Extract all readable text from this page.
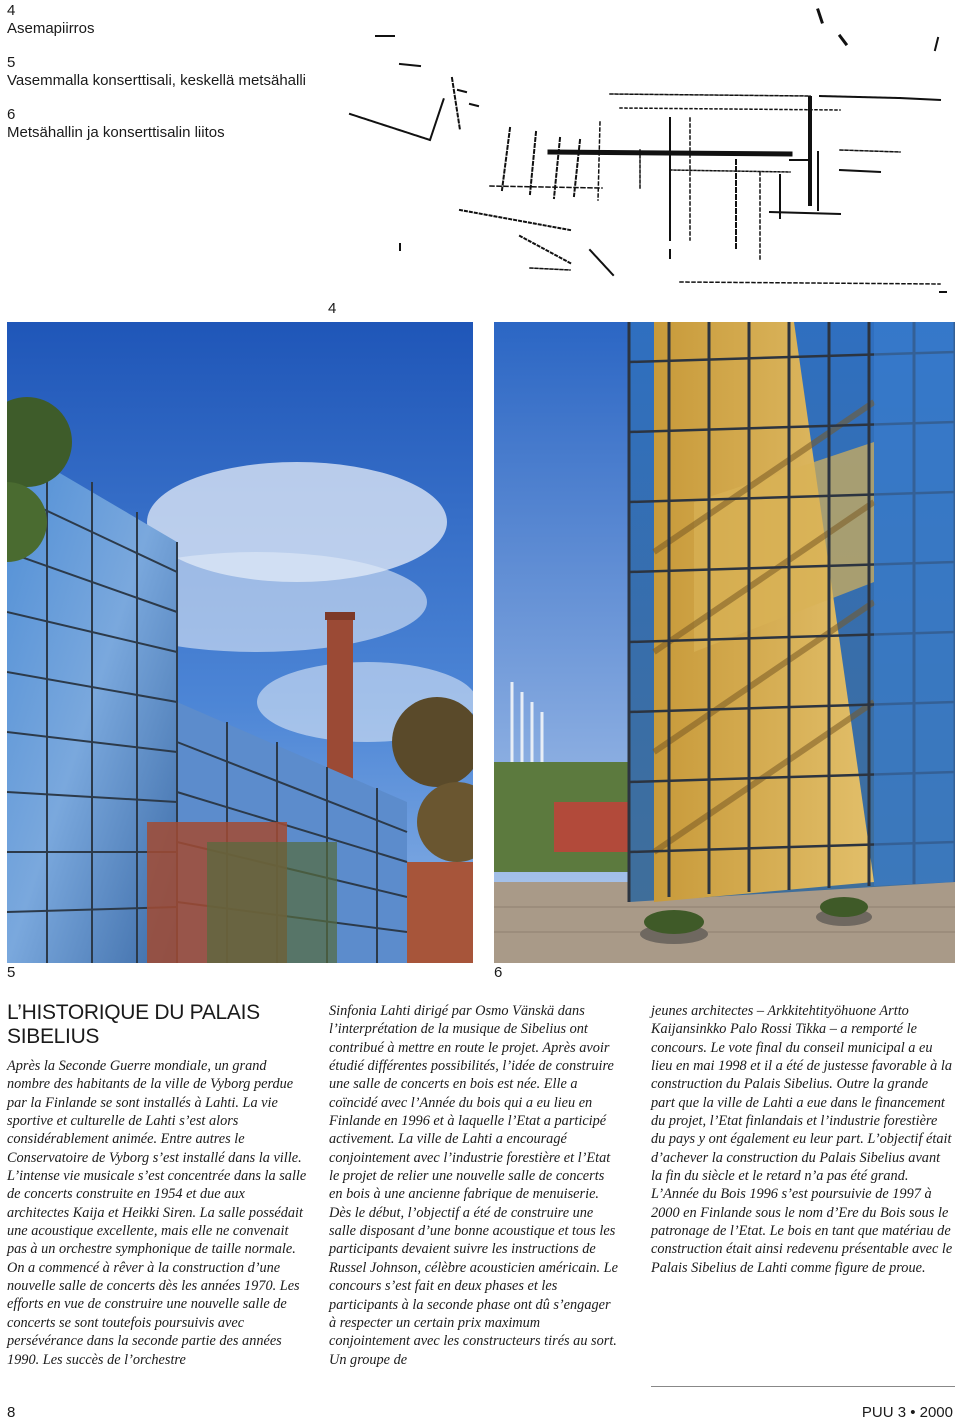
4
Asemapiirros
5
Vasemmalla konserttisali, keskellä metsähalli
6
Metsähallin ja konserttisalin liitos
4
5	6
L’HISTORIQUE DU PALAIS SIBELIUS

Après la Seconde Guerre mondiale, un grand nombre des habitants de la ville de Vyborg perdue par la Finlande se sont installés à Lahti. La vie sportive et culturelle de Lahti s’est alors considérablement animée. Entre autres le Conservatoire de Vyborg s’est installé dans la ville. L’intense vie musicale s’est concentrée dans la salle de concerts construite en 1954 et due aux architectes Kaija et Heikki Siren. La salle possédait une acoustique excellente, mais elle ne convenait pas à un orchestre symphonique de taille normale. On a commencé à rêver à la construction d’une nouvelle salle de concerts dès les années 1970. Les efforts en vue de construire une nouvelle salle de concerts se sont toutefois poursuivis avec persévérance dans la seconde partie des années 1990. Les succès de l’orchestre

Sinfonia Lahti dirigé par Osmo Vänskä dans l’interprétation de la musique de Sibelius ont contribué à mettre en route le projet. Après avoir étudié différentes possibilités, l’idée de construire une salle de concerts en bois est née. Elle a coïncidé avec l’Année du bois qui a eu lieu en Finlande en 1996 et à laquelle l’Etat a participé activement. La ville de Lahti a encouragé conjointement avec l’industrie forestière et l’Etat le projet de relier une nouvelle salle de concerts en bois à une ancienne fabrique de menuiserie. Dès le début, l’objectif a été de construire une salle disposant d’une bonne acoustique et tous les participants devaient suivre les instructions de Russel Johnson, célèbre acousticien américain. Le concours s’est fait en deux phases et les participants à la seconde phase ont dû s’engager à respecter un certain prix maximum conjointement avec les constructeurs tirés au sort. Un groupe de

jeunes architectes – Arkkitehtityöhuone Artto Kaijansinkko Palo Rossi Tikka – a remporté le concours. Le vote final du conseil municipal a eu lieu en mai 1998 et il a été de justesse favorable à la construction du Palais Sibelius. Outre la grande part que la ville de Lahti a eue dans le financement du projet, l’Etat finlandais et l’industrie forestière du pays y ont également eu leur part. L’objectif était d’achever la construction du Palais Sibelius avant la fin du siècle et le retard n’a pas été grand. L’Année du Bois 1996 s’est poursuivie de 1997 à 2000 en Finlande sous le nom d’Ere du Bois sous le patronage de l’Etat. Le bois en tant que matériau de construction était ainsi redevenu présentable avec le Palais Sibelius de Lahti comme figure de proue.

8	PUU 3 • 2000
